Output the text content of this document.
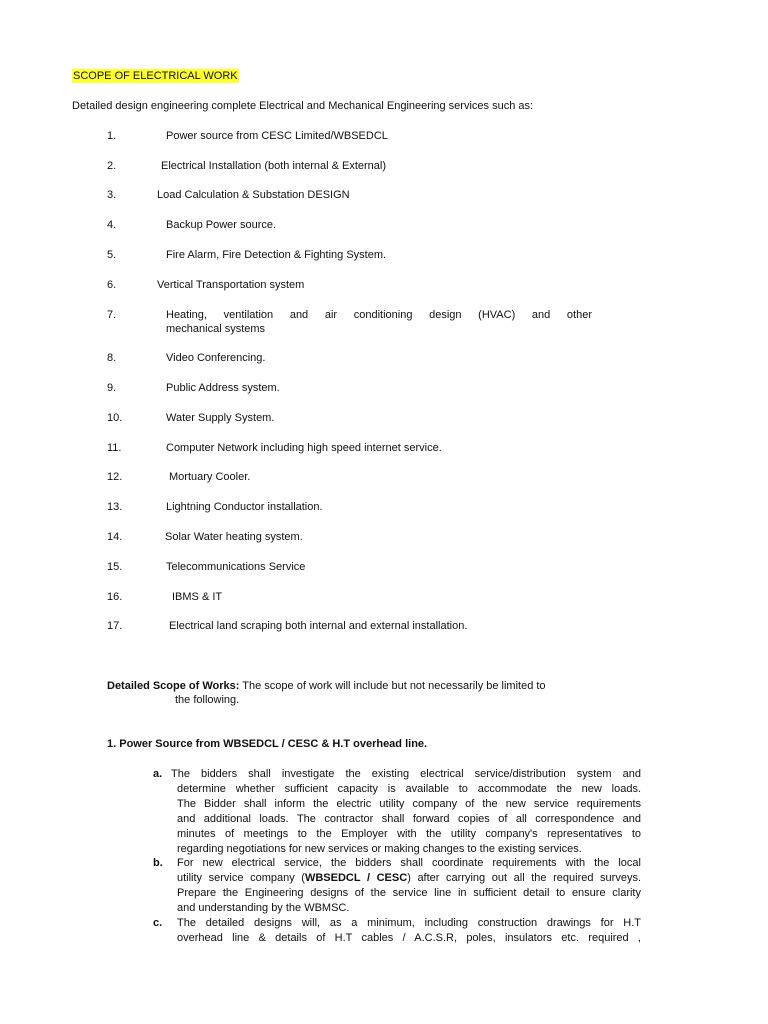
SCOPE OF ELECTRICAL WORK
Detailed design engineering complete Electrical and Mechanical Engineering services such as:
1.	Power source from CESC Limited/WBSEDCL
2.	Electrical Installation (both internal & External)
3.	Load Calculation & Substation DESIGN
4.	Backup Power source.
5.	Fire Alarm, Fire Detection & Fighting System.
6.	Vertical Transportation system
7.	Heating, ventilation and air conditioning design (HVAC) and other
mechanical systems
8.	Video Conferencing.
9.	Public Address system.
10.	Water Supply System.
11.	Computer Network including high speed internet service.
12.	Mortuary Cooler.
13.	Lightning Conductor installation.
14.	Solar Water heating system.
15.	Telecommunications Service
16.	IBMS & IT
17.	Electrical land scraping both internal and external installation.
Detailed Scope of Works: The scope of work will include but not necessarily be limited to
the following.
1. Power Source from WBSEDCL / CESC & H.T overhead line.
a. The bidders shall investigate the existing electrical service/distribution system and
determine whether sufficient capacity is available to accommodate the new loads.
The Bidder shall inform the electric utility company of the new service requirements
and additional loads. The contractor shall forward copies of all correspondence and
minutes of meetings to the Employer with the utility company's representatives to
regarding negotiations for new services or making changes to the existing services.
b.	For new electrical service, the bidders shall coordinate requirements with the local
utility service company (WBSEDCL / CESC) after carrying out all the required surveys.
Prepare the Engineering designs of the service line in sufficient detail to ensure clarity
and understanding by the WBMSC.
c.	The detailed designs will, as a minimum, including construction drawings for H.T
overhead line & details of H.T cables / A.C.S.R, poles, insulators etc. required ,
